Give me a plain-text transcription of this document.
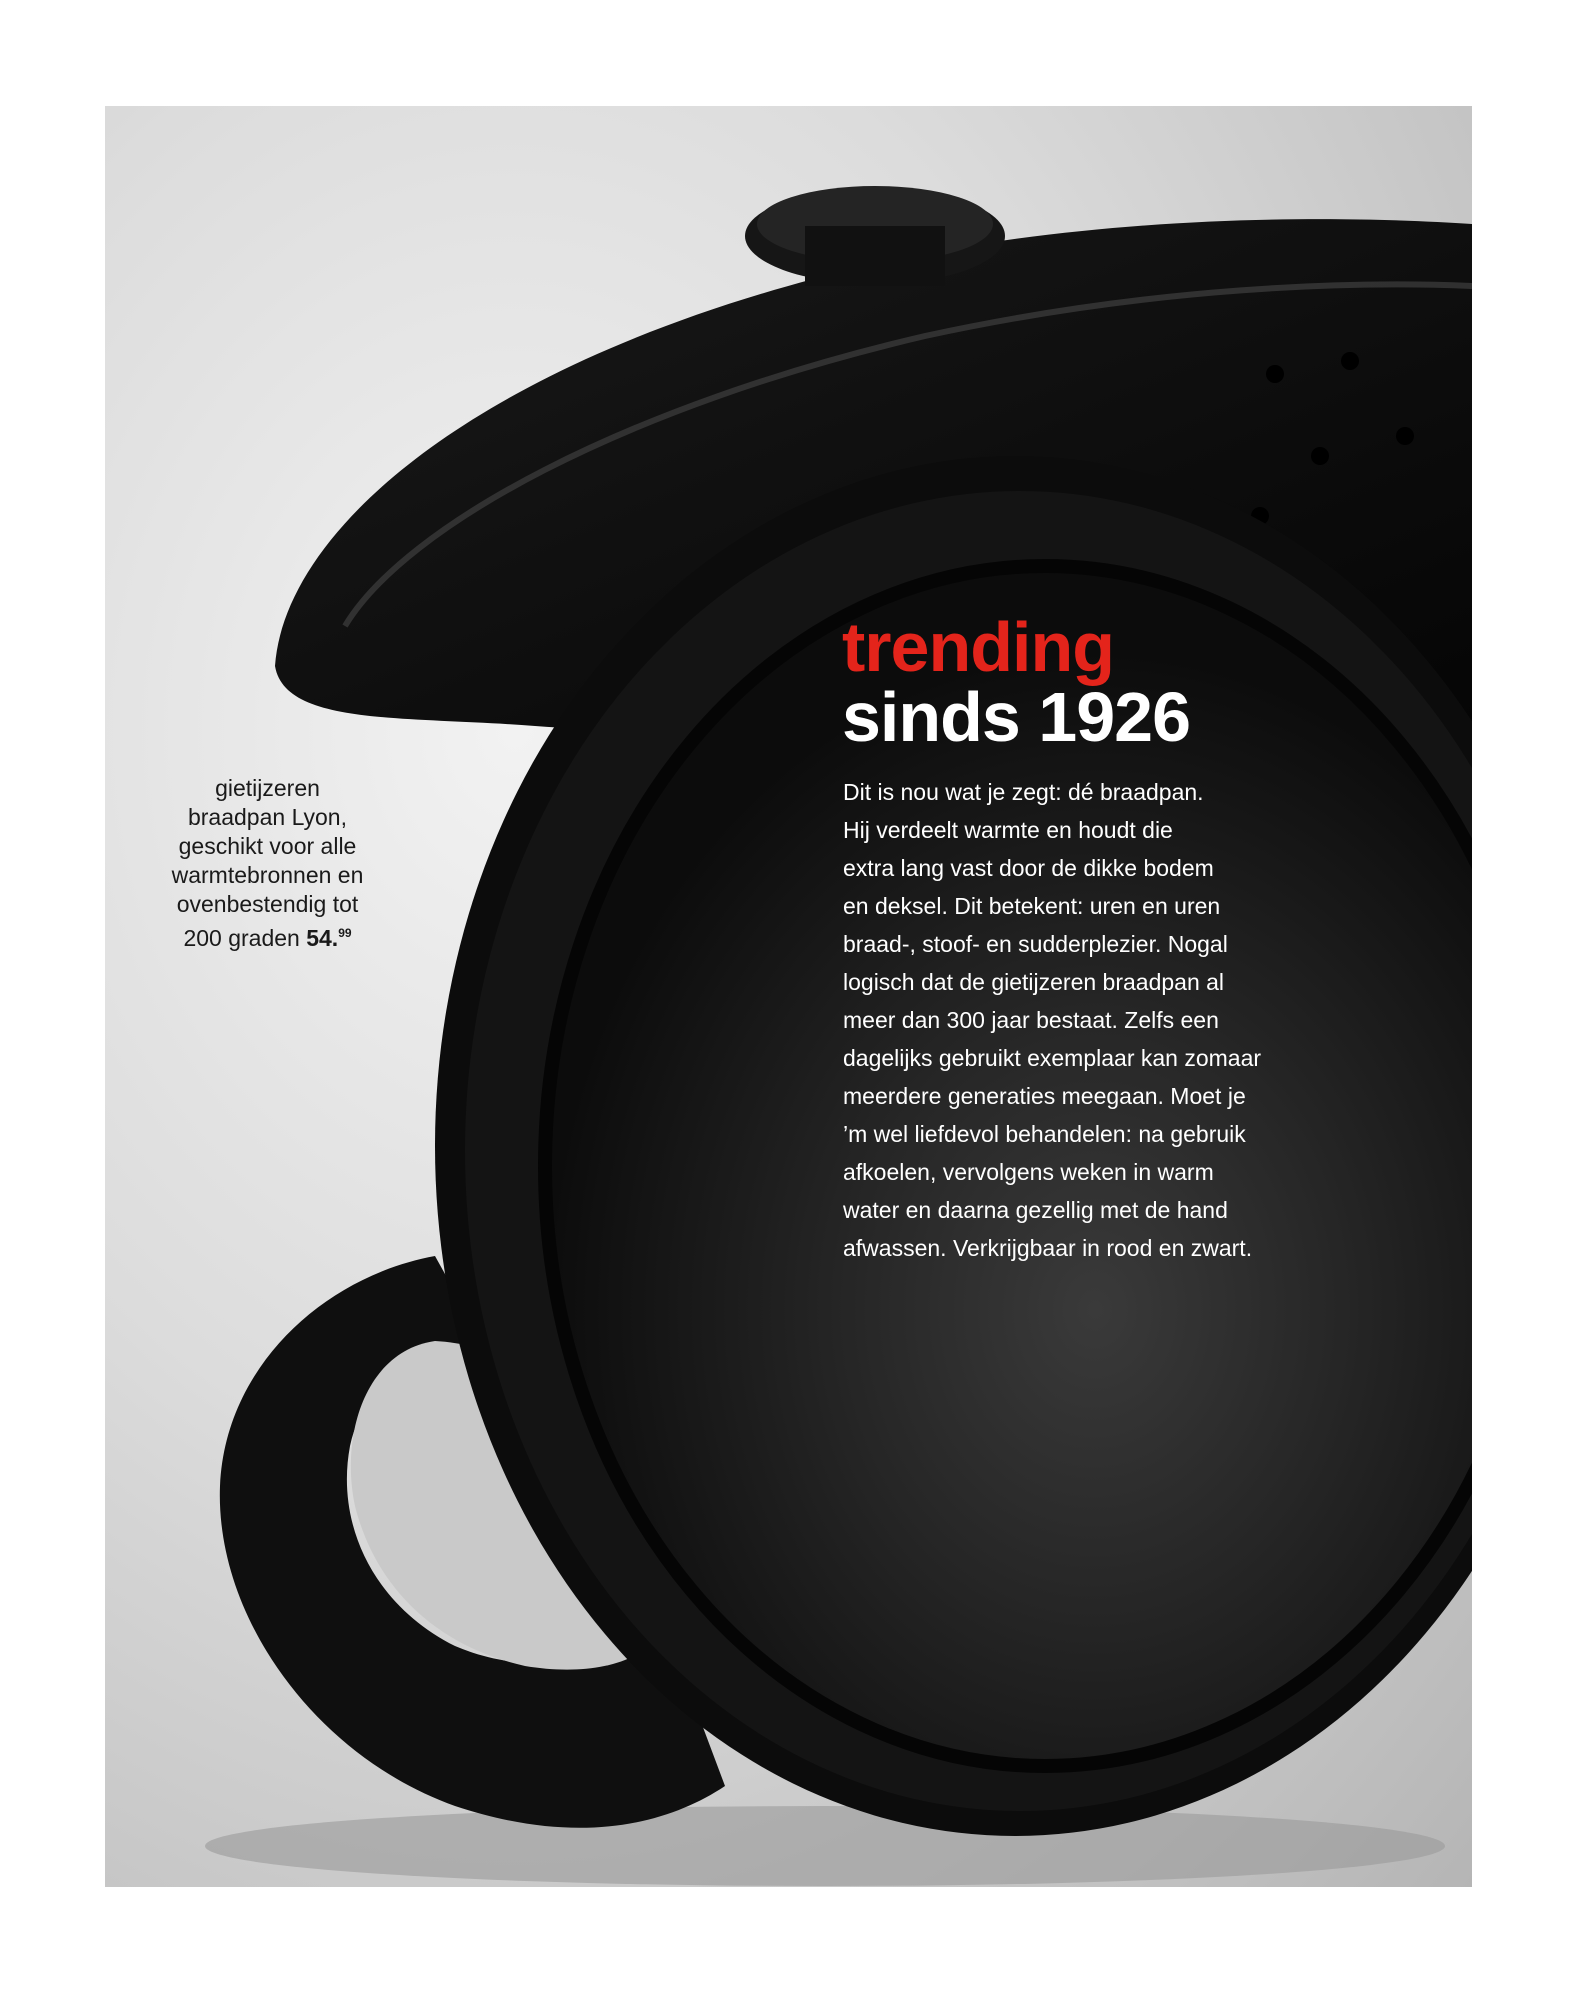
gietijzeren
braadpan Lyon,
geschikt voor alle
warmtebronnen en
ovenbestendig tot
200 graden 54.99
trending
sinds 1926
Dit is nou wat je zegt: dé braadpan.
Hij verdeelt warmte en houdt die
extra lang vast door de dikke bodem
en deksel. Dit betekent: uren en uren
braad-, stoof- en sudderplezier. Nogal
logisch dat de gietijzeren braadpan al
meer dan 300 jaar bestaat. Zelfs een
dagelijks gebruikt exemplaar kan zomaar
meerdere generaties meegaan. Moet je
’m wel liefdevol behandelen: na gebruik
afkoelen, vervolgens weken in warm
water en daarna gezellig met de hand
afwassen. Verkrijgbaar in rood en zwart.
